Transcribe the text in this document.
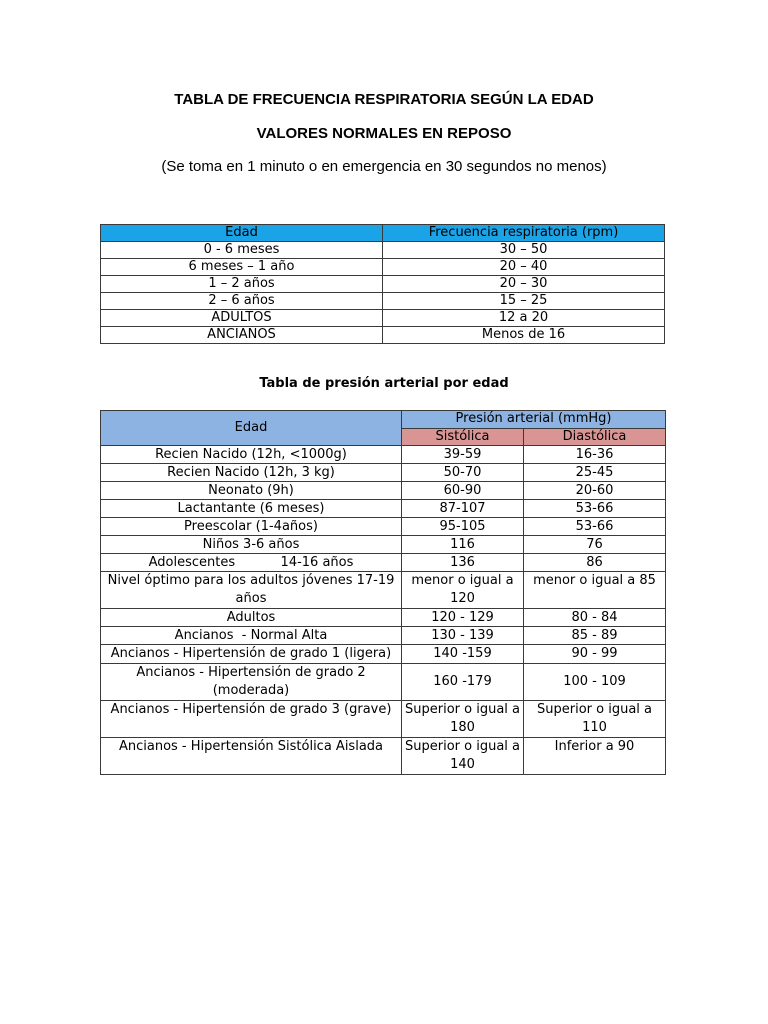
TABLA DE FRECUENCIA RESPIRATORIA SEGÚN LA EDAD

VALORES NORMALES EN REPOSO

(Se toma en 1 minuto o en emergencia en 30 segundos no menos)

Edad	Frecuencia respiratoria (rpm)
0 - 6 meses	30 – 50
6 meses – 1 año	20 – 40
1 – 2 años	20 – 30
2 – 6 años	15 – 25
ADULTOS	12 a 20
ANCIANOS	Menos de 16

Tabla de presión arterial por edad

Edad	Presión arterial (mmHg)	
	Sistólica	Diastólica
Recien Nacido (12h, <1000g)	39-59	16-36
Recien Nacido (12h, 3 kg)	50-70	25-45
Neonato (9h)	60-90	20-60
Lactantante (6 meses)	87-107	53-66
Preescolar (1-4años)	95-105	53-66
Niños 3-6 años	116	76
Adolescentes           14-16 años	136	86
Nivel óptimo para los adultos jóvenes 17-19 años	menor o igual a 120	menor o igual a 85
Adultos	120 - 129	80 - 84
Ancianos  - Normal Alta	130 - 139	85 - 89
Ancianos - Hipertensión de grado 1 (ligera)	140 -159	90 - 99
Ancianos - Hipertensión de grado 2 (moderada)	160 -179	100 - 109
Ancianos - Hipertensión de grado 3 (grave)	Superior o igual a 180	Superior o igual a 110
Ancianos - Hipertensión Sistólica Aislada	Superior o igual a 140	Inferior a 90
